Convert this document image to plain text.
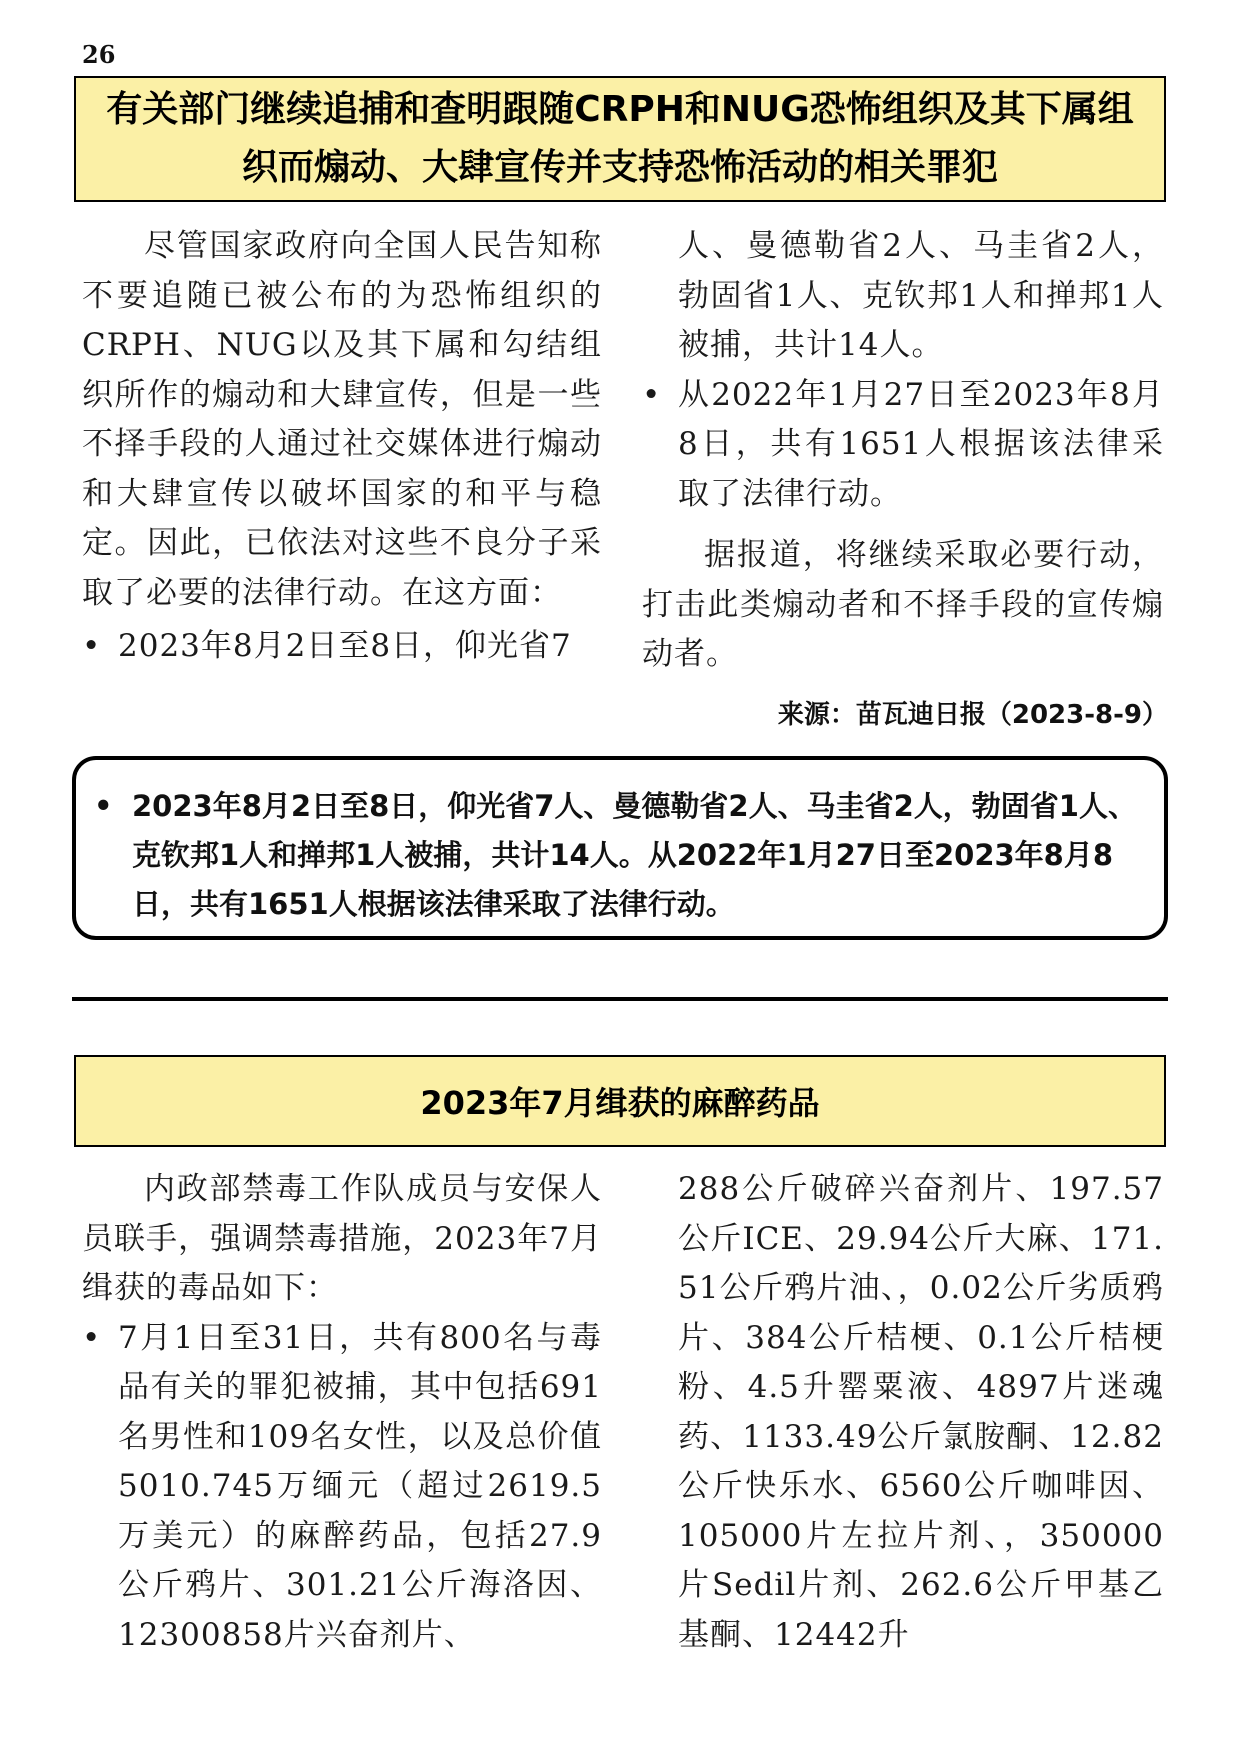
26
有关部门继续追捕和查明跟随CRPH和NUG恐怖组织及其下属组织而煽动、大肆宣传并支持恐怖活动的相关罪犯

尽管国家政府向全国人民告知称不要追随已被公布的为恐怖组织的CRPH、NUG以及其下属和勾结组织所作的煽动和大肆宣传，但是一些不择手段的人通过社交媒体进行煽动和大肆宣传以破坏国家的和平与稳定。因此，已依法对这些不良分子采取了必要的法律行动。在这方面：

• 2023年8月2日至8日，仰光省7

人、曼德勒省2人、马圭省2人，勃固省1人、克钦邦1人和掸邦1人被捕，共计14人。

• 从2022年1月27日至2023年8月8日，共有1651人根据该法律采取了法律行动。

据报道，将继续采取必要行动，打击此类煽动者和不择手段的宣传煽动者。

来源：苗瓦迪日报（2023-8-9）
• 2023年8月2日至8日，仰光省7人、曼德勒省2人、马圭省2人，勃固省1人、克钦邦1人和掸邦1人被捕，共计14人。从2022年1月27日至2023年8月8日，共有1651人根据该法律采取了法律行动。
2023年7月缉获的麻醉药品

内政部禁毒工作队成员与安保人员联手，强调禁毒措施，2023年7月缉获的毒品如下：

• 7月1日至31日，共有800名与毒品有关的罪犯被捕，其中包括691名男性和109名女性，以及总价值5010.745万缅元（超过2619.5万美元）的麻醉药品，包括27.9公斤鸦片、301.21公斤海洛因、12300858片兴奋剂片、

288公斤破碎兴奋剂片、197.57公斤ICE、29.94公斤大麻、171.51公斤鸦片油、，0.02公斤劣质鸦片、384公斤桔梗、0.1公斤桔梗粉、4.5升罂粟液、4897片迷魂药、1133.49公斤氯胺酮、12.82公斤快乐水、6560公斤咖啡因、105000片左拉片剂、，350000片Sedil片剂、262.6公斤甲基乙基酮、12442升
